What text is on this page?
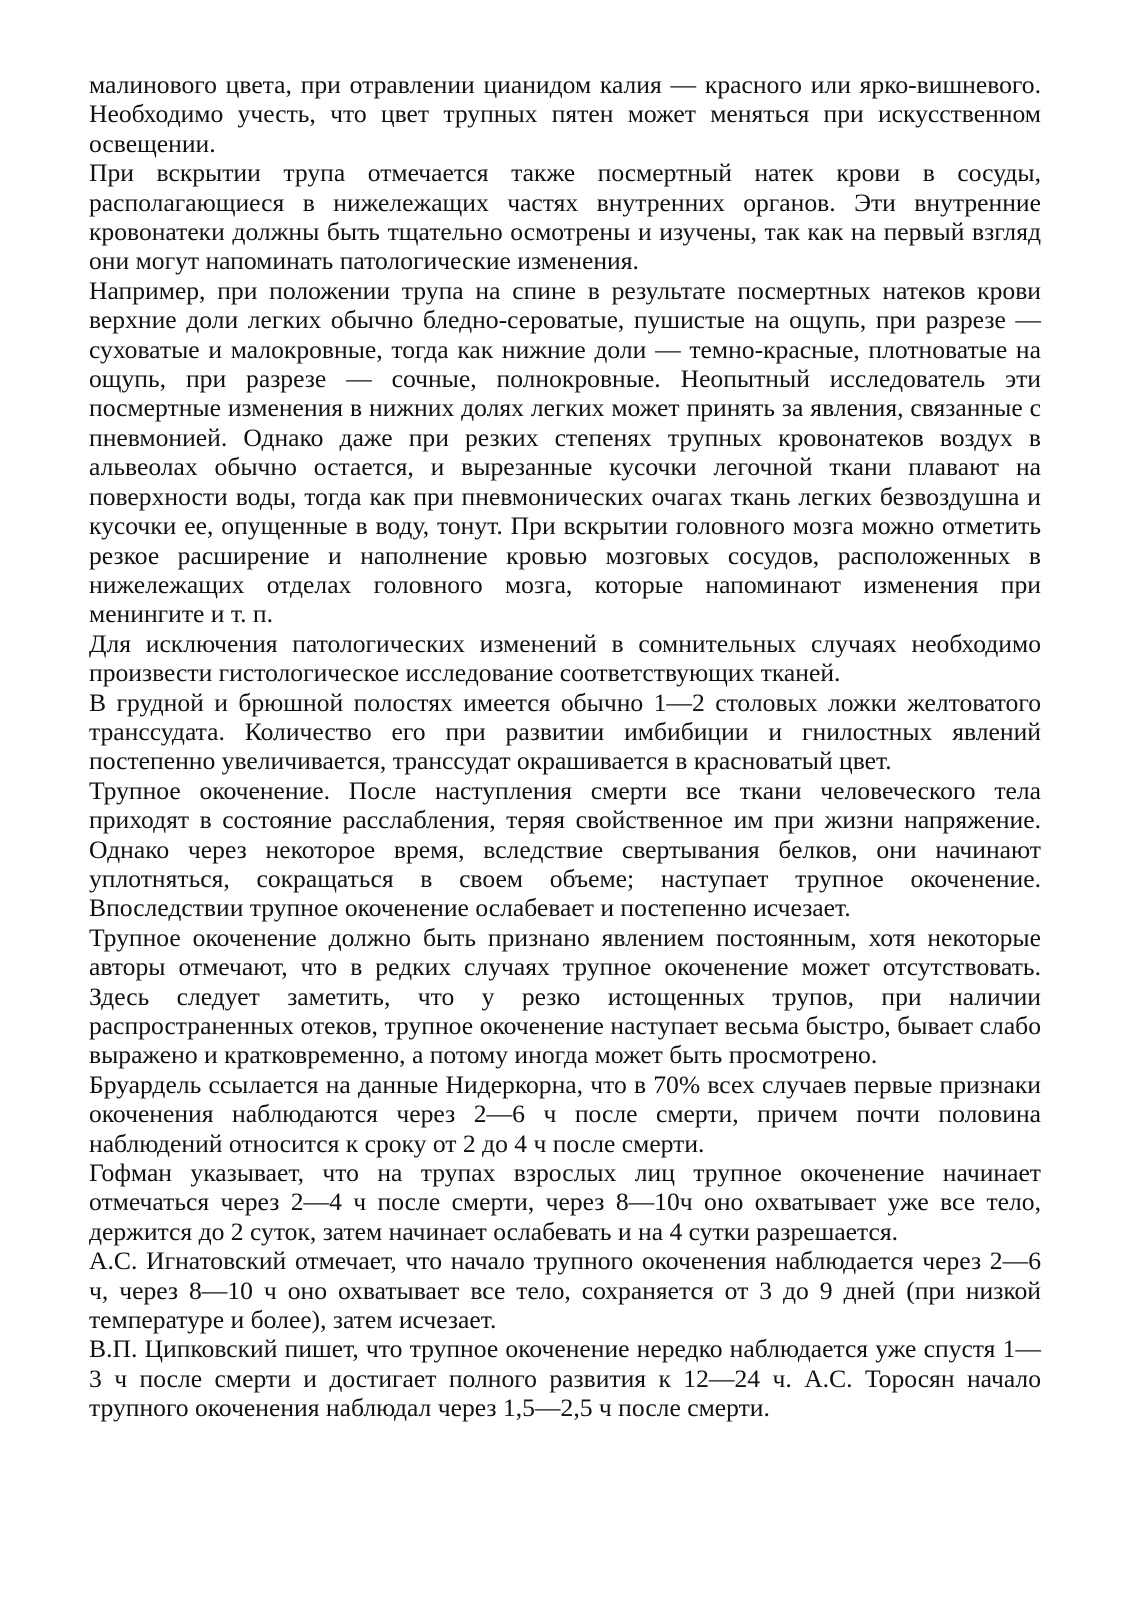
малинового цвета, при отравлении цианидом калия — красного или ярко-вишневого. Необходимо учесть, что цвет трупных пятен может меняться при искусственном освещении.

При вскрытии трупа отмечается также посмертный натек крови в сосуды, располагающиеся в нижележащих частях внутренних органов. Эти внутренние кровонатеки должны быть тщательно осмотрены и изучены, так как на первый взгляд они могут напоминать патологические изменения.

Например, при положении трупа на спине в результате посмертных натеков крови верхние доли легких обычно бледно-сероватые, пушистые на ощупь, при разрезе — суховатые и малокровные, тогда как нижние доли — темно-красные, плотноватые на ощупь, при разрезе — сочные, полнокровные. Неопытный исследователь эти посмертные изменения в нижних долях легких может принять за явления, связанные с пневмонией. Однако даже при резких степенях трупных кровонатеков воздух в альвеолах обычно остается, и вырезанные кусочки легочной ткани плавают на поверхности воды, тогда как при пневмонических очагах ткань легких безвоздушна и кусочки ее, опущенные в воду, тонут. При вскрытии головного мозга можно отметить резкое расширение и наполнение кровью мозговых сосудов, расположенных в нижележащих отделах головного мозга, которые напоминают изменения при менингите и т. п.

Для исключения патологических изменений в сомнительных случаях необходимо произвести гистологическое исследование соответствующих тканей.

В грудной и брюшной полостях имеется обычно 1—2 столовых ложки желтоватого транссудата. Количество его при развитии имбибиции и гнилостных явлений постепенно увеличивается, транссудат окрашивается в красноватый цвет.

Трупное окоченение. После наступления смерти все ткани человеческого тела приходят в состояние расслабления, теряя свойственное им при жизни напряжение. Однако через некоторое время, вследствие свертывания белков, они начинают уплотняться, сокращаться в своем объеме; наступает трупное окоченение. Впоследствии трупное окоченение ослабевает и постепенно исчезает.

Трупное окоченение должно быть признано явлением постоянным, хотя некоторые авторы отмечают, что в редких случаях трупное окоченение может отсутствовать. Здесь следует заметить, что у резко истощенных трупов, при наличии распространенных отеков, трупное окоченение наступает весьма быстро, бывает слабо выражено и кратковременно, а потому иногда может быть просмотрено.

Бруардель ссылается на данные Нидеркорна, что в 70% всех случаев первые признаки окоченения наблюдаются через 2—6 ч после смерти, причем почти половина наблюдений относится к сроку от 2 до 4 ч после смерти.

Гофман указывает, что на трупах взрослых лиц трупное окоченение начинает отмечаться через 2—4 ч после смерти, через 8—10ч оно охватывает уже все тело, держится до 2 суток, затем начинает ослабевать и на 4 сутки разрешается.

А.С. Игнатовский отмечает, что начало трупного окоченения наблюдается через 2—6 ч, через 8—10 ч оно охватывает все тело, сохраняется от 3 до 9 дней (при низкой температуре и более), затем исчезает.

В.П. Ципковский пишет, что трупное окоченение нередко наблюдается уже спустя 1—3 ч после смерти и достигает полного развития к 12—24 ч. А.С. Торосян начало трупного окоченения наблюдал через 1,5—2,5 ч после смерти.
